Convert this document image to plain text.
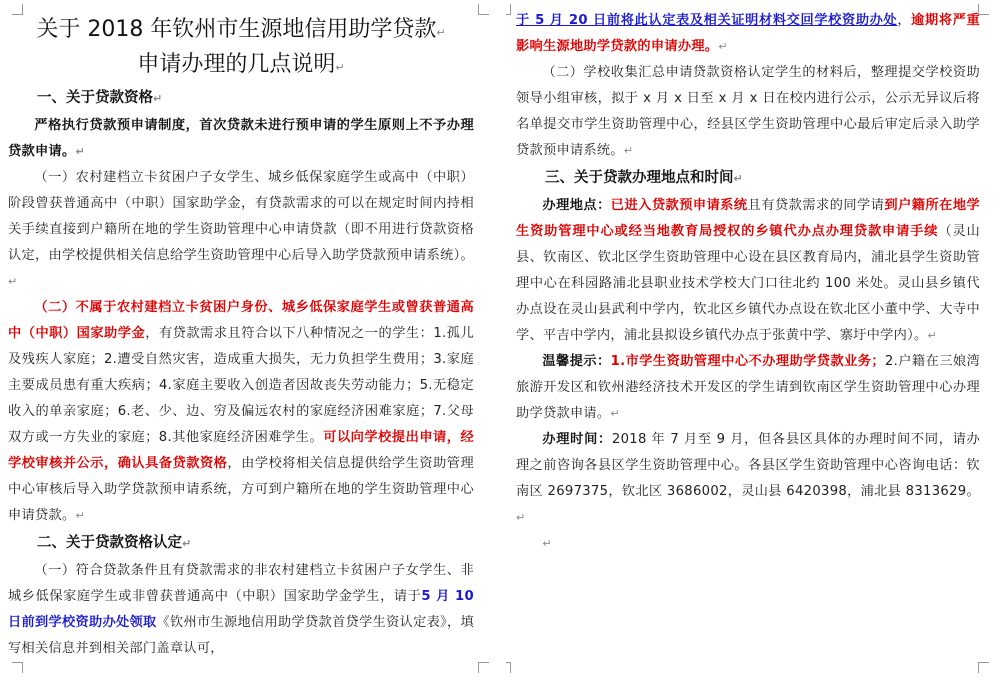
关于 2018 年钦州市生源地信用助学贷款↵
申请办理的几点说明↵

一、关于贷款资格↵

严格执行贷款预申请制度，首次贷款未进行预申请的学生原则上不予办理贷款申请。↵

（一）农村建档立卡贫困户子女学生、城乡低保家庭学生或高中（中职）阶段曾获普通高中（中职）国家助学金，有贷款需求的可以在规定时间内持相关手续直接到户籍所在地的学生资助管理中心申请贷款（即不用进行贷款资格认定，由学校提供相关信息给学生资助管理中心后导入助学贷款预申请系统）。↵

（二）不属于农村建档立卡贫困户身份、城乡低保家庭学生或曾获普通高中（中职）国家助学金，有贷款需求且符合以下八种情况之一的学生：1.孤儿及残疾人家庭；2.遭受自然灾害，造成重大损失，无力负担学生费用；3.家庭主要成员患有重大疾病；4.家庭主要收入创造者因故丧失劳动能力；5.无稳定收入的单亲家庭；6.老、少、边、穷及偏远农村的家庭经济困难家庭；7.父母双方或一方失业的家庭；8.其他家庭经济困难学生。可以向学校提出申请，经学校审核并公示，确认具备贷款资格，由学校将相关信息提供给学生资助管理中心审核后导入助学贷款预申请系统，方可到户籍所在地的学生资助管理中心申请贷款。↵

二、关于贷款资格认定↵

（一）符合贷款条件且有贷款需求的非农村建档立卡贫困户子女学生、非城乡低保家庭学生或非曾获普通高中（中职）国家助学金学生，请于5 月 10 日前到学校资助办处领取《钦州市生源地信用助学贷款首贷学生资认定表》，填写相关信息并到相关部门盖章认可，

于 5 月 20 日前将此认定表及相关证明材料交回学校资助办处，逾期将严重影响生源地助学贷款的申请办理。↵

（二）学校收集汇总申请贷款资格认定学生的材料后，整理提交学校资助领导小组审核，拟于 x 月 x 日至 x 月 x 日在校内进行公示，公示无异议后将名单提交市学生资助管理中心，经县区学生资助管理中心最后审定后录入助学贷款预申请系统。↵

三、关于贷款办理地点和时间↵

办理地点：已进入贷款预申请系统且有贷款需求的同学请到户籍所在地学生资助管理中心或经当地教育局授权的乡镇代办点办理贷款申请手续（灵山县、钦南区、钦北区学生资助管理中心设在县区教育局内，浦北县学生资助管理中心在科园路浦北县职业技术学校大门口往北约 100 米处。灵山县乡镇代办点设在灵山县武利中学内，钦北区乡镇代办点设在钦北区小董中学、大寺中学、平吉中学内，浦北县拟设乡镇代办点于张黄中学、寨圩中学内）。↵

温馨提示：1.市学生资助管理中心不办理助学贷款业务；2.户籍在三娘湾旅游开发区和钦州港经济技术开发区的学生请到钦南区学生资助管理中心办理助学贷款申请。↵

办理时间：2018 年 7 月至 9 月，但各县区具体的办理时间不同，请办理之前咨询各县区学生资助管理中心。各县区学生资助管理中心咨询电话：钦南区 2697375，钦北区 3686002，灵山县 6420398，浦北县 8313629。↵

↵
